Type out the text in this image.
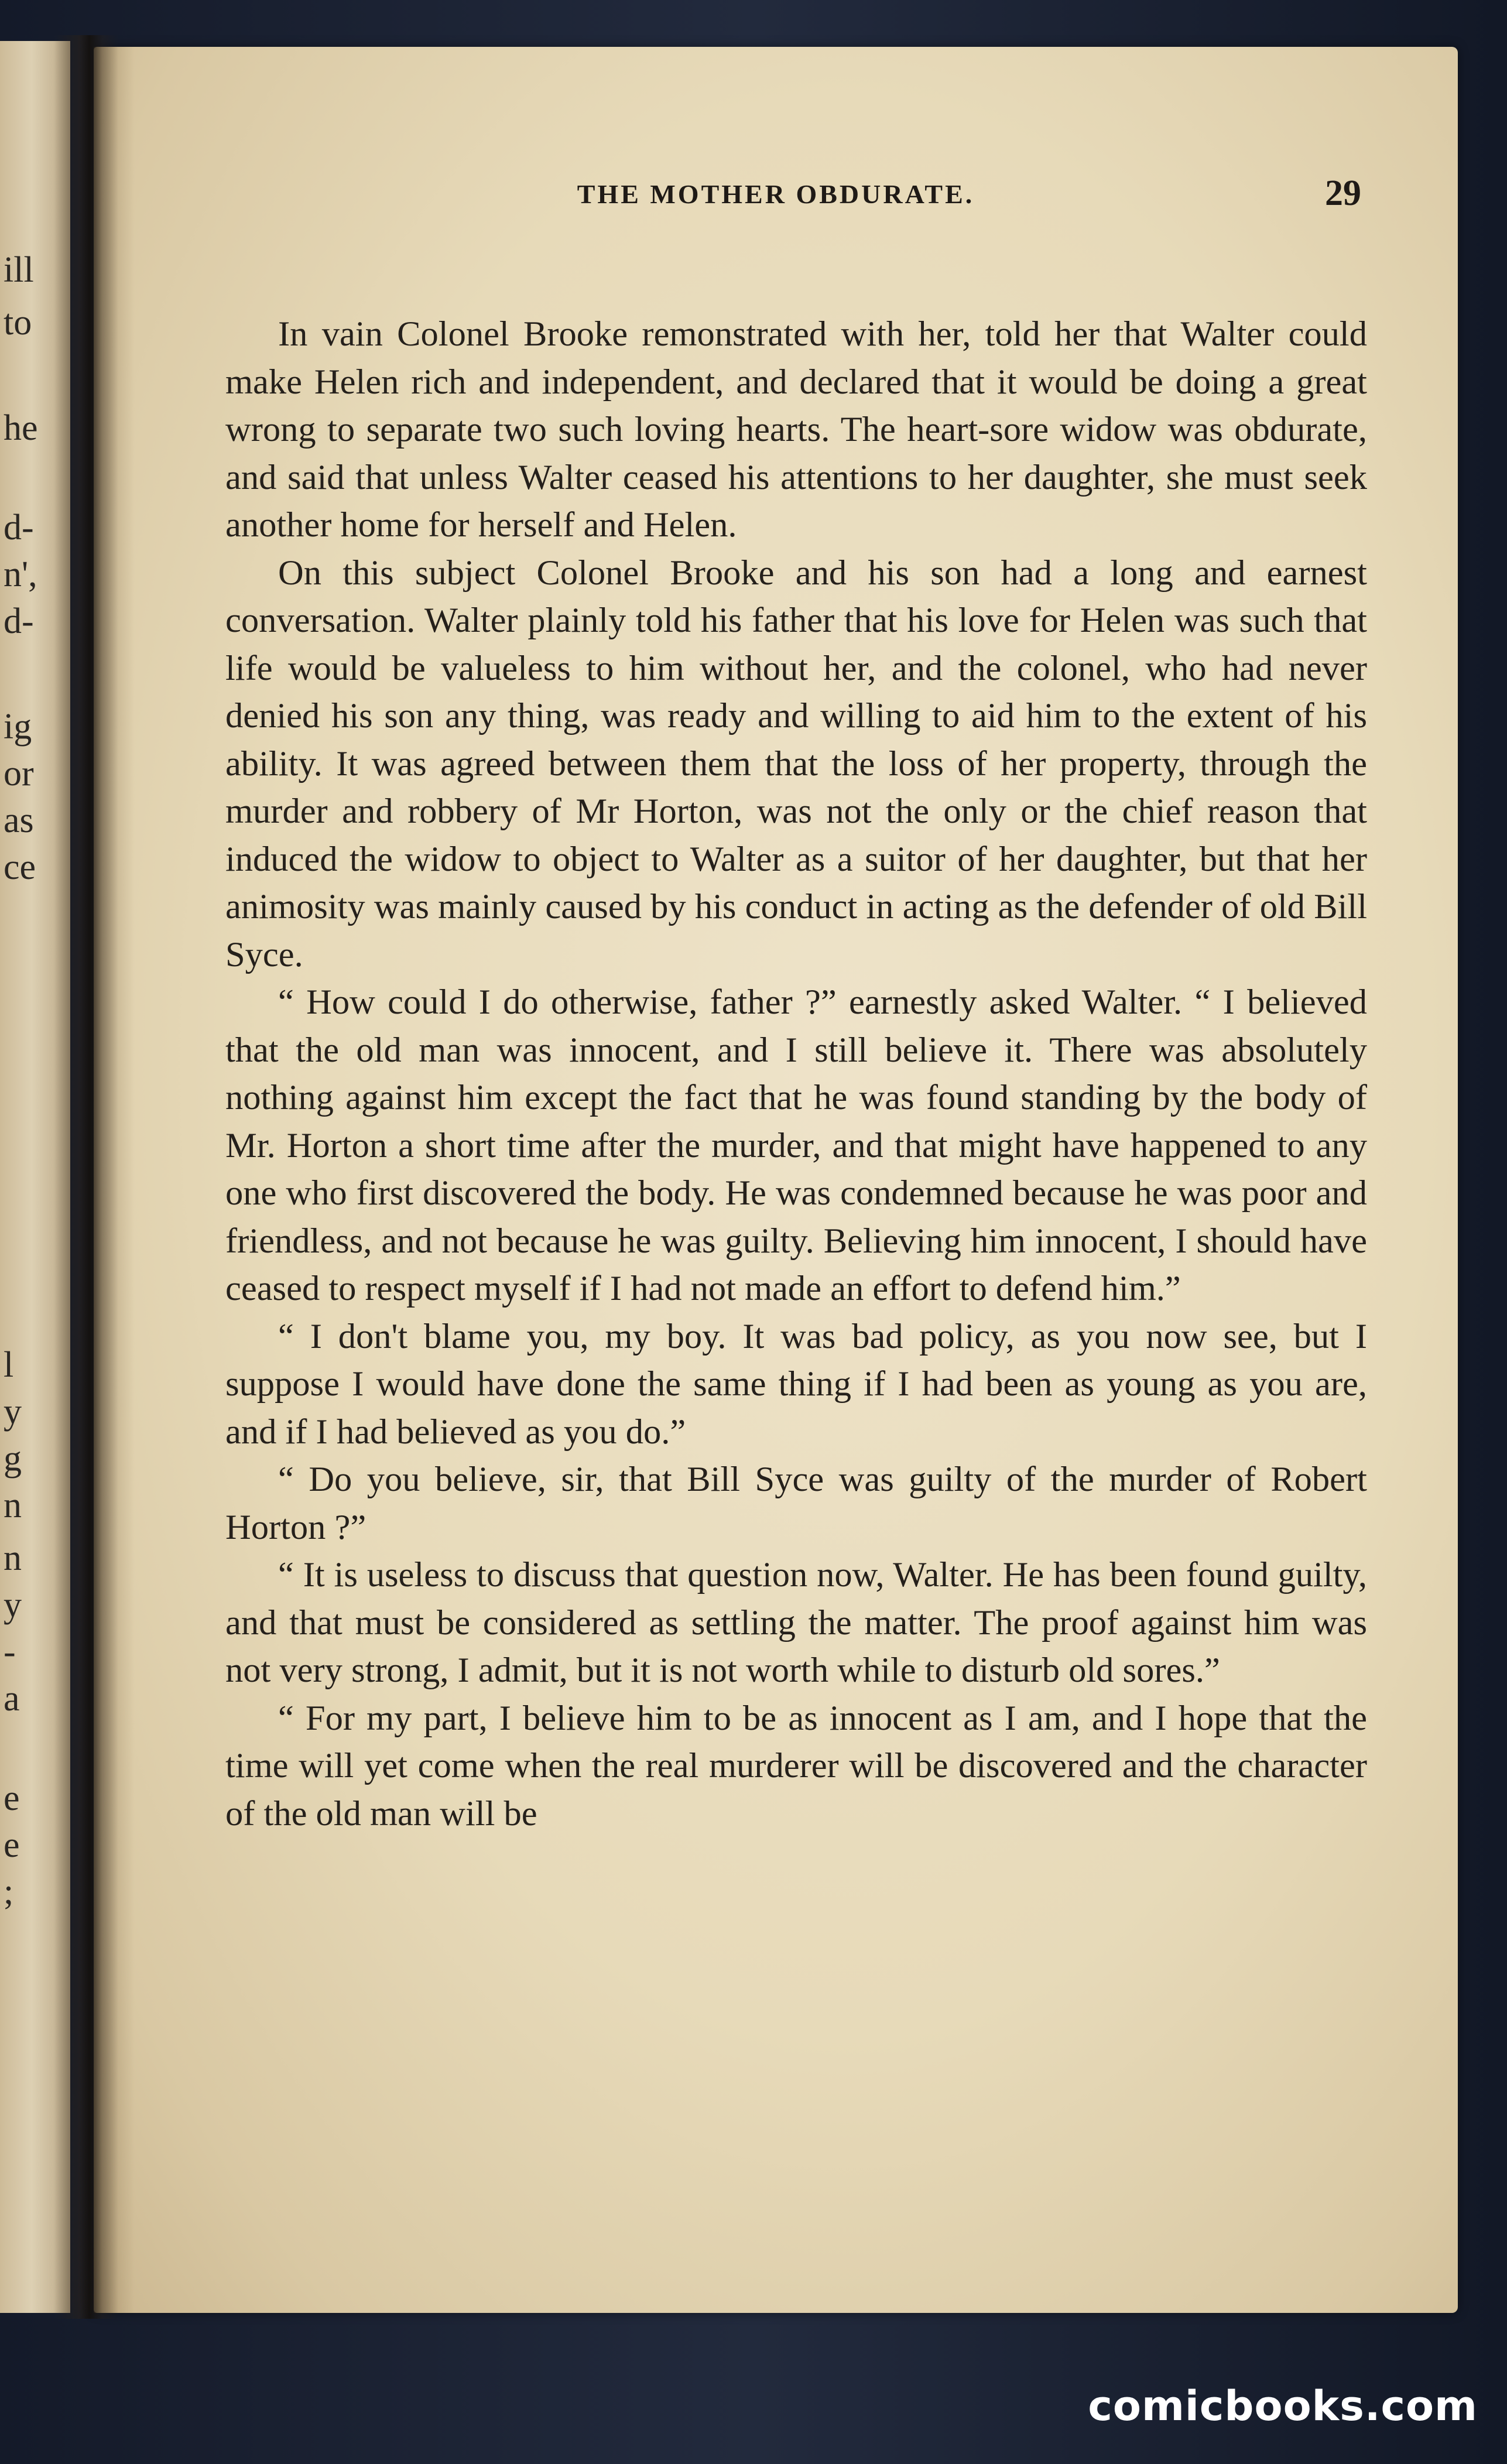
ill
to
he
d-
n',
d-
ig
or
as
ce
l
y
g
n
n
y
-
a
e
e
;
THE MOTHER OBDURATE.	29

In vain Colonel Brooke remonstrated with her, told her that Walter could make Helen rich and independent, and declared that it would be doing a great wrong to separate two such loving hearts. The heart-sore widow was obdurate, and said that unless Walter ceased his attentions to her daughter, she must seek another home for herself and Helen.

On this subject Colonel Brooke and his son had a long and earnest conversation. Walter plainly told his father that his love for Helen was such that life would be valueless to him without her, and the colonel, who had never denied his son any thing, was ready and willing to aid him to the extent of his ability. It was agreed between them that the loss of her property, through the murder and robbery of Mr Horton, was not the only or the chief reason that induced the widow to object to Walter as a suitor of her daughter, but that her animosity was mainly caused by his conduct in acting as the defender of old Bill Syce.

“ How could I do otherwise, father ?” earnestly asked Walter. “ I believed that the old man was innocent, and I still believe it. There was absolutely nothing against him except the fact that he was found standing by the body of Mr. Horton a short time after the murder, and that might have happened to any one who first discovered the body. He was condemned because he was poor and friendless, and not because he was guilty. Believing him innocent, I should have ceased to respect myself if I had not made an effort to defend him.”

“ I don't blame you, my boy. It was bad policy, as you now see, but I suppose I would have done the same thing if I had been as young as you are, and if I had believed as you do.”

“ Do you believe, sir, that Bill Syce was guilty of the murder of Robert Horton ?”

“ It is useless to discuss that question now, Walter. He has been found guilty, and that must be considered as settling the matter. The proof against him was not very strong, I admit, but it is not worth while to disturb old sores.”

“ For my part, I believe him to be as innocent as I am, and I hope that the time will yet come when the real murderer will be discovered and the character of the old man will be

comicbooks.com
